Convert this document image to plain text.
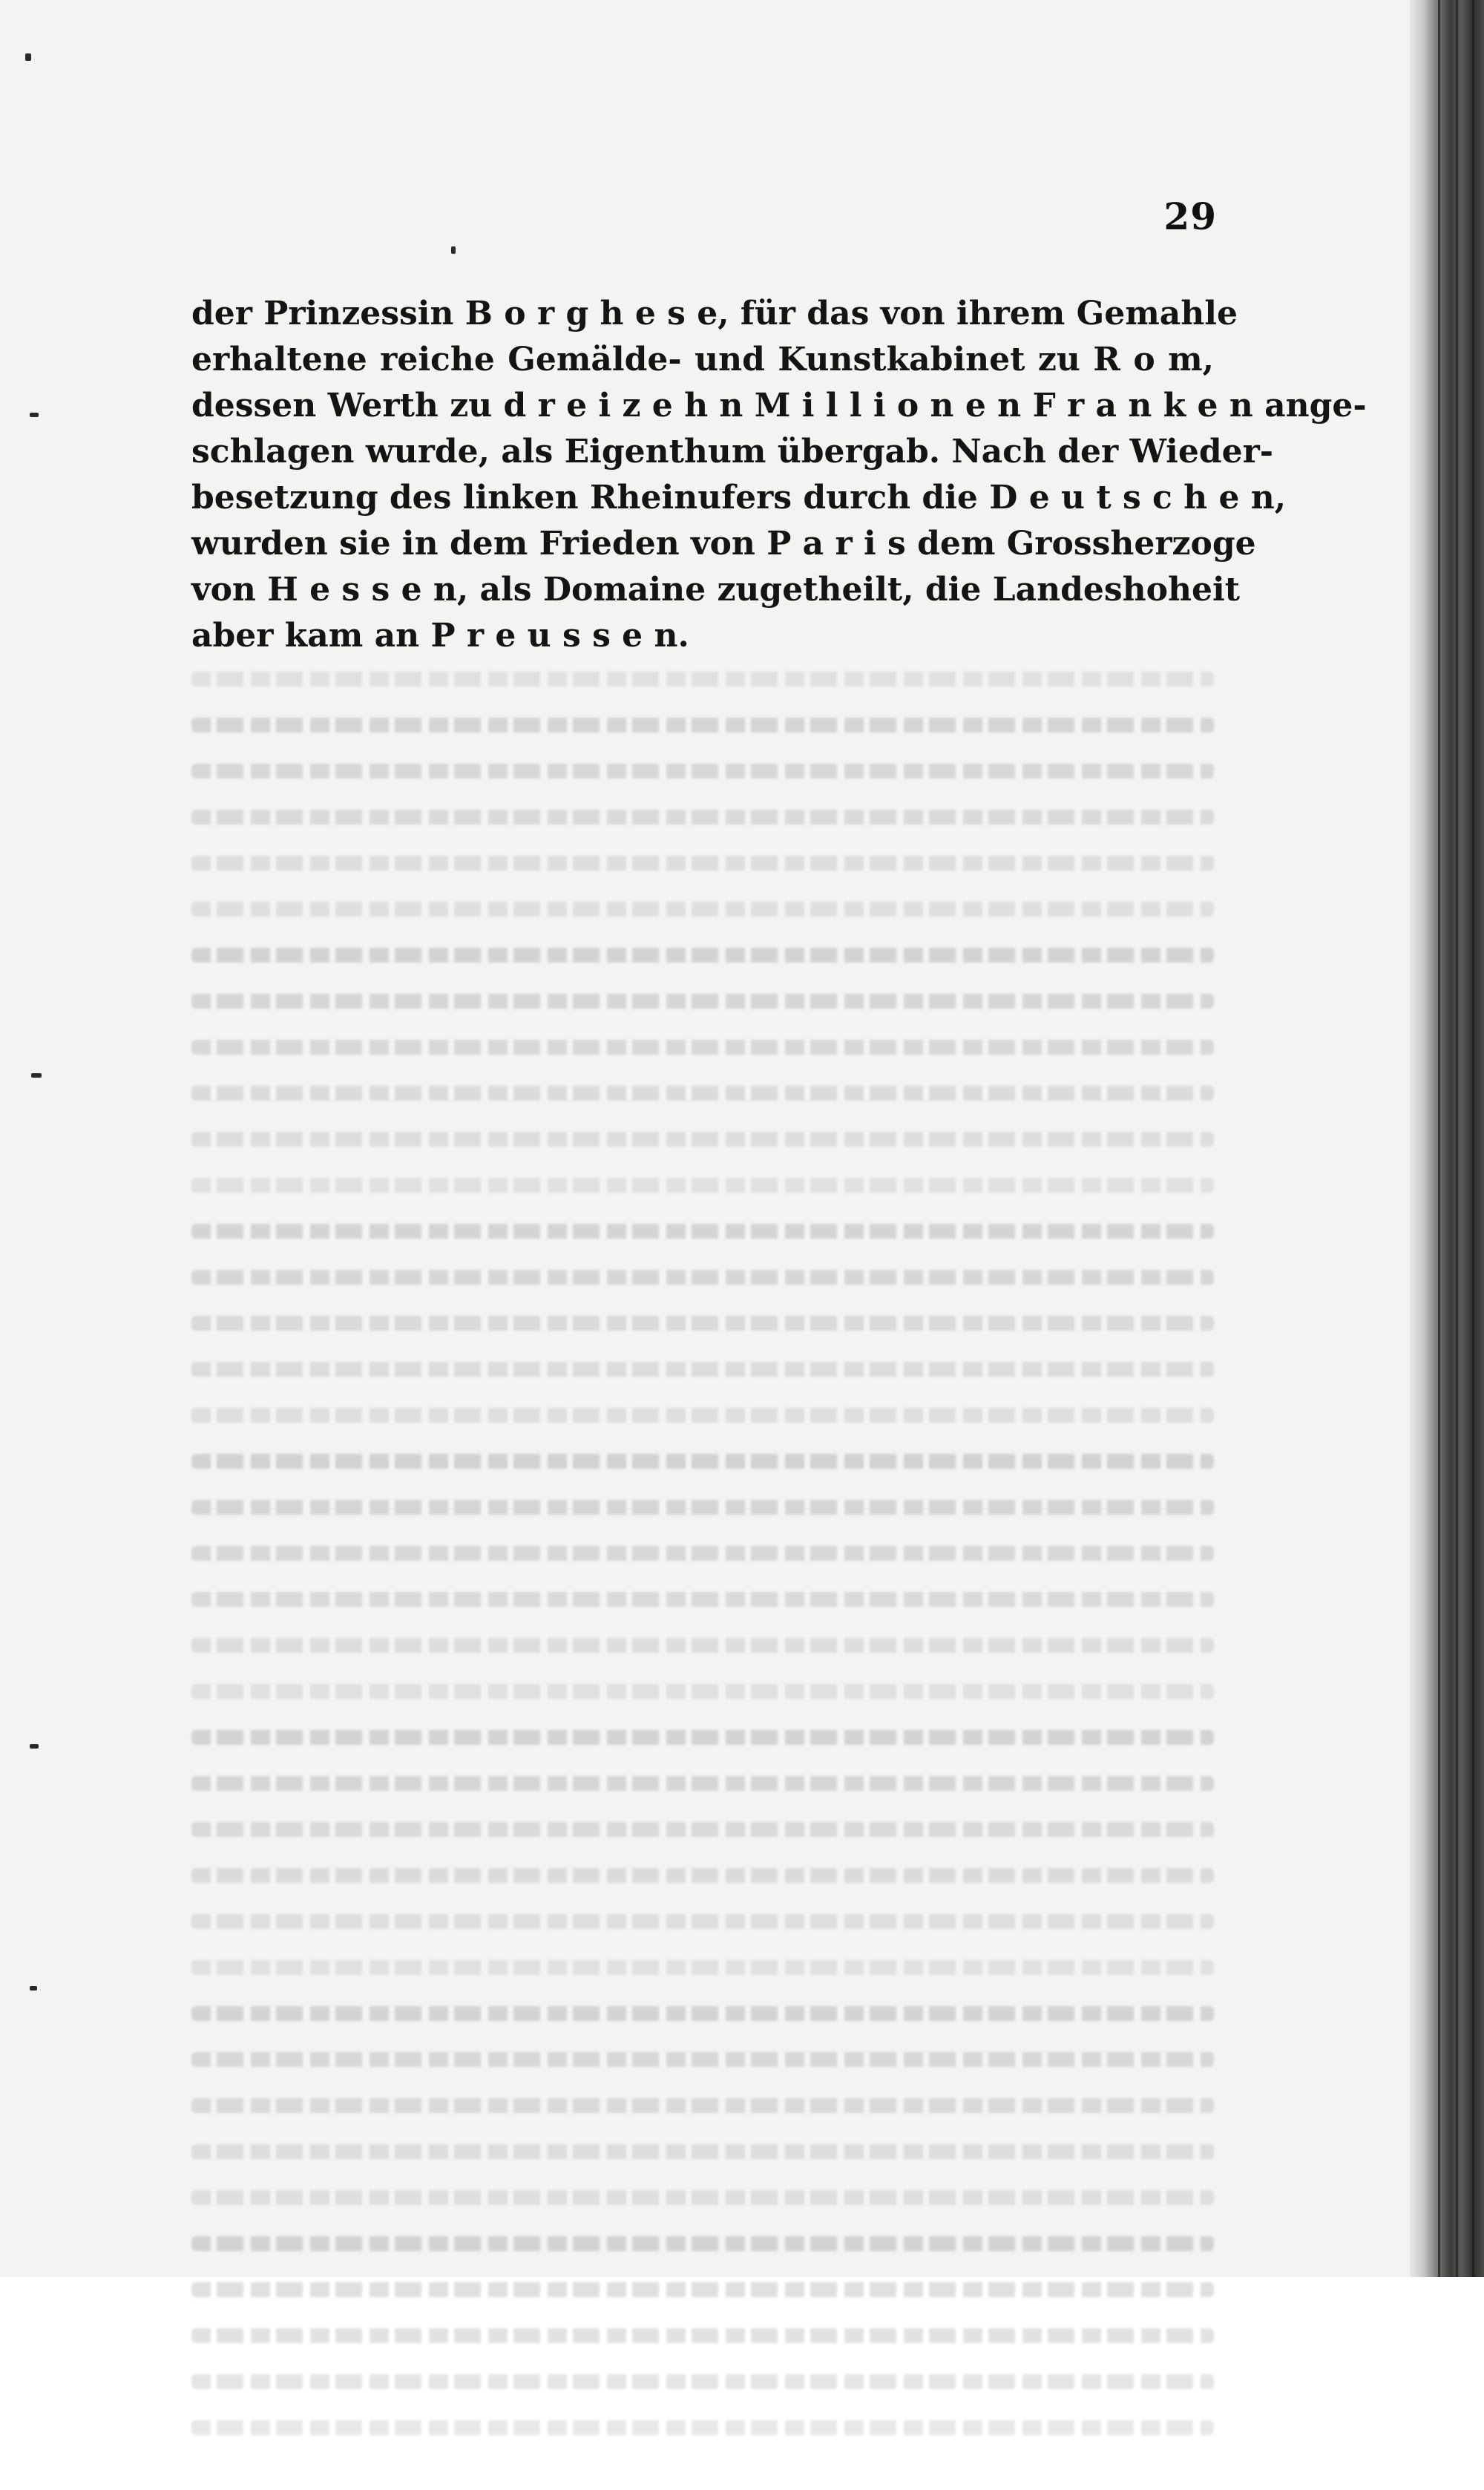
29
der Prinzessin B o r g h e s e, für das von ihrem Gemahle
erhaltene reiche Gemälde- und Kunstkabinet zu R o m,
dessen Werth zu d r e i z e h n M i l l i o n e n F r a n k e n ange-
schlagen wurde, als Eigenthum übergab. Nach der Wieder-
besetzung des linken Rheinufers durch die D e u t s c h e n,
wurden sie in dem Frieden von P a r i s dem Grossherzoge
von H e s s e n, als Domaine zugetheilt, die Landeshoheit
aber kam an P r e u s s e n.
